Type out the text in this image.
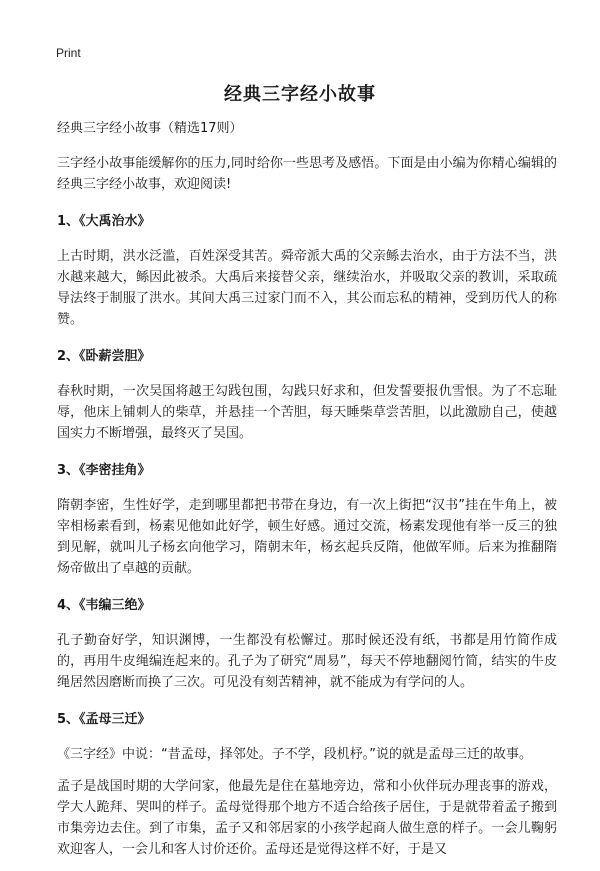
Print
经典三字经小故事

经典三字经小故事（精选17则）

三字经小故事能缓解你的压力,同时给你一些思考及感悟。下面是由小编为你精心编辑的经典三字经小故事，欢迎阅读!

1、《大禹治水》

上古时期，洪水泛滥，百姓深受其苦。舜帝派大禹的父亲鲧去治水，由于方法不当，洪水越来越大，鲧因此被杀。大禹后来接替父亲，继续治水，并吸取父亲的教训，采取疏导法终于制服了洪水。其间大禹三过家门而不入，其公而忘私的精神，受到历代人的称赞。

2、《卧薪尝胆》

春秋时期，一次吴国将越王勾践包围，勾践只好求和，但发誓要报仇雪恨。为了不忘耻辱，他床上铺刺人的柴草，并悬挂一个苦胆，每天睡柴草尝苦胆，以此激励自己，使越国实力不断增强，最终灭了吴国。

3、《李密挂角》

隋朝李密，生性好学，走到哪里都把书带在身边，有一次上街把“汉书”挂在牛角上，被宰相杨素看到，杨素见他如此好学，顿生好感。通过交流，杨素发现他有举一反三的独到见解，就叫儿子杨玄向他学习，隋朝末年，杨玄起兵反隋，他做军师。后来为推翻隋炀帝做出了卓越的贡献。

4、《韦编三绝》

孔子勤奋好学，知识渊博，一生都没有松懈过。那时候还没有纸，书都是用竹简作成的，再用牛皮绳编连起来的。孔子为了研究“周易”，每天不停地翻阅竹简，结实的牛皮绳居然因磨断而换了三次。可见没有刻苦精神，就不能成为有学问的人。

5、《孟母三迁》

《三字经》中说：“昔孟母，择邻处。子不学，段机杼。”说的就是孟母三迁的故事。

孟子是战国时期的大学问家，他最先是住在墓地旁边，常和小伙伴玩办理丧事的游戏，学大人跪拜、哭叫的样子。孟母觉得那个地方不适合给孩子居住，于是就带着孟子搬到市集旁边去住。到了市集，孟子又和邻居家的小孩学起商人做生意的样子。一会儿鞠躬欢迎客人，一会儿和客人讨价还价。孟母还是觉得这样不好，于是又
